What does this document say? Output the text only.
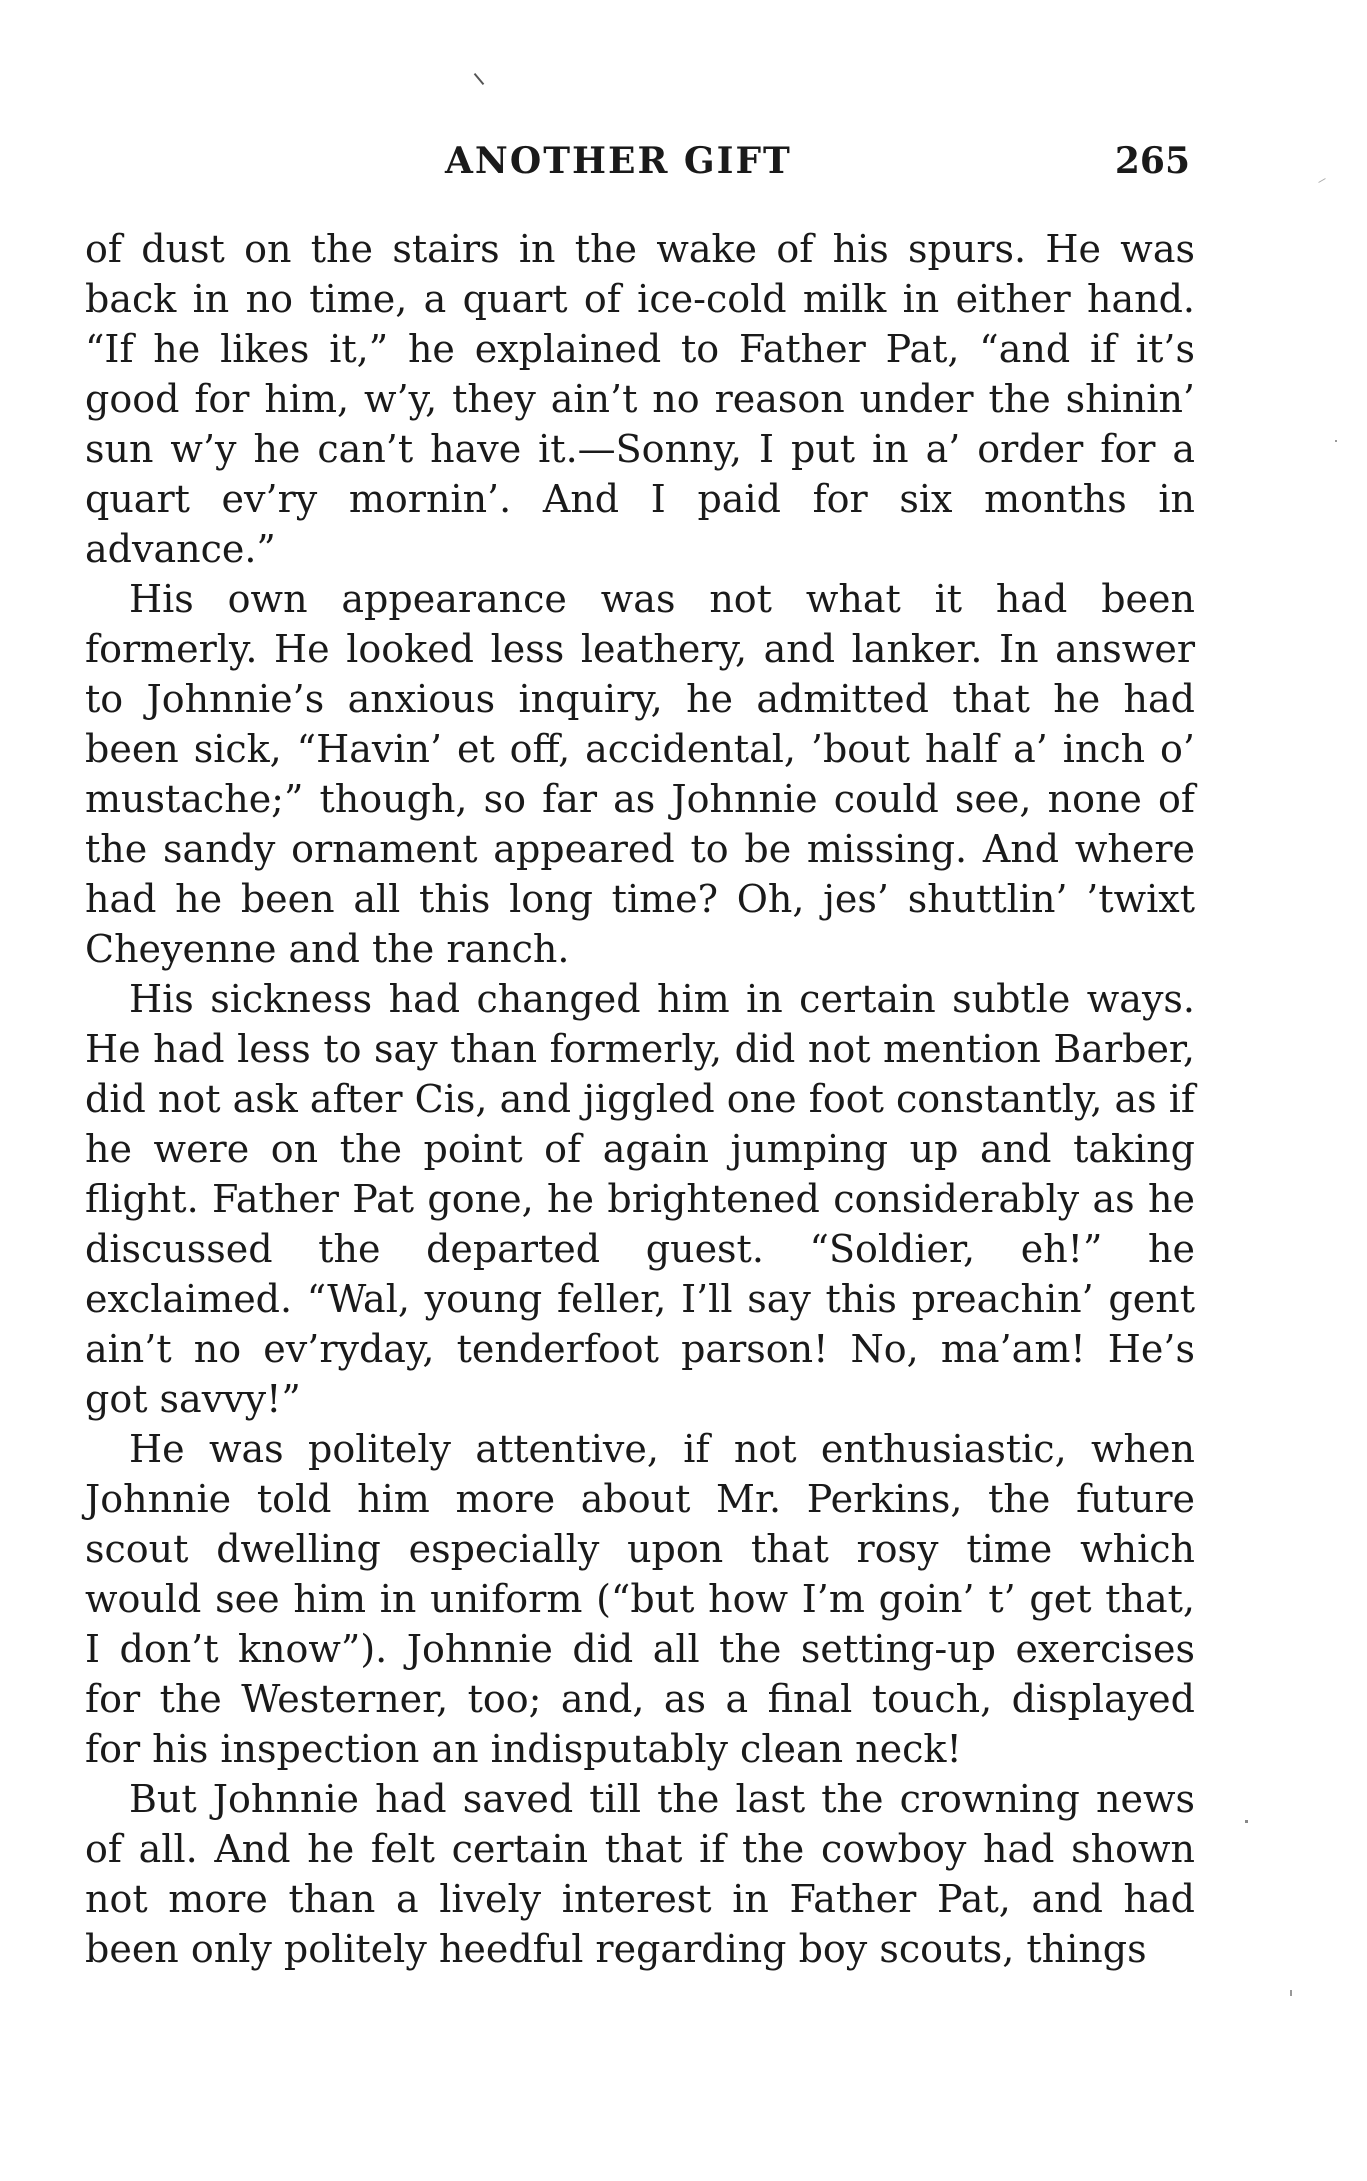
ANOTHER GIFT	265

of dust on the stairs in the wake of his spurs. He was back in no time, a quart of ice-cold milk in either hand. “If he likes it,” he explained to Father Pat, “and if it’s good for him, w’y, they ain’t no reason under the shinin’ sun w’y he can’t have it.—Sonny, I put in a’ order for a quart ev’ry mornin’. And I paid for six months in advance.”

His own appearance was not what it had been formerly. He looked less leathery, and lanker. In answer to Johnnie’s anxious inquiry, he admitted that he had been sick, “Havin’ et off, accidental, ’bout half a’ inch o’ mustache;” though, so far as Johnnie could see, none of the sandy ornament appeared to be missing. And where had he been all this long time? Oh, jes’ shuttlin’ ’twixt Cheyenne and the ranch.

His sickness had changed him in certain subtle ways. He had less to say than formerly, did not mention Barber, did not ask after Cis, and jiggled one foot constantly, as if he were on the point of again jumping up and taking flight. Father Pat gone, he brightened considerably as he discussed the departed guest. “Soldier, eh!” he exclaimed. “Wal, young feller, I’ll say this preachin’ gent ain’t no ev’ryday, tenderfoot parson! No, ma’am! He’s got savvy!”

He was politely attentive, if not enthusiastic, when Johnnie told him more about Mr. Perkins, the future scout dwelling especially upon that rosy time which would see him in uniform (“but how I’m goin’ t’ get that, I don’t know”). Johnnie did all the setting-up exercises for the Westerner, too; and, as a final touch, displayed for his inspection an indisputably clean neck!

But Johnnie had saved till the last the crowning news of all. And he felt certain that if the cowboy had shown not more than a lively interest in Father Pat, and had been only politely heedful regarding boy scouts, things
